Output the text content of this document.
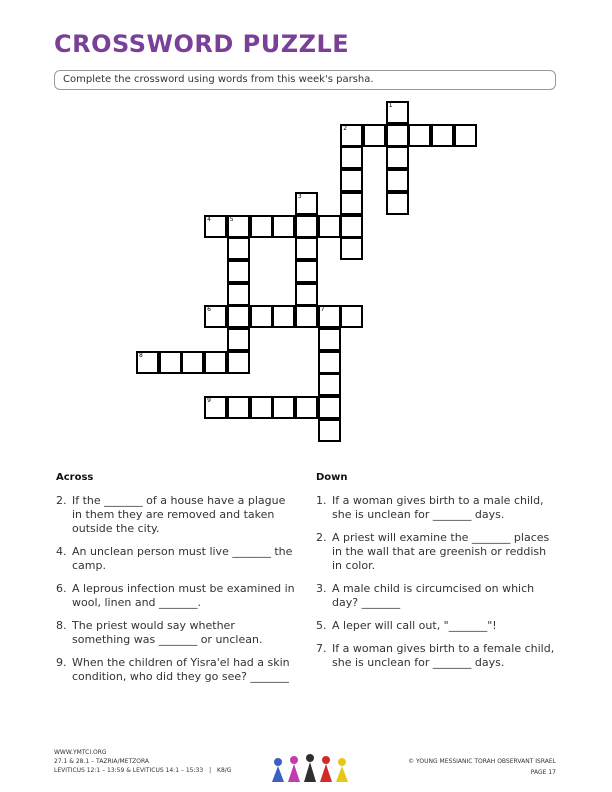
CROSSWORD PUZZLE
Complete the crossword using words from this week's parsha.
1
2
3
4	5
6	7
8
9
Across
2. If the _______ of a house have a plague in them they are removed and taken outside the city.
4. An unclean person must live _______ the camp.
6. A leprous infection must be examined in wool, linen and _______.
8. The priest would say whether something was _______ or unclean.
9. When the children of Yisra'el had a skin condition, who did they go see? _______
Down
1. If a woman gives birth to a male child, she is unclean for _______ days.
2. A priest will examine the _______ places in the wall that are greenish or reddish in color.
3. A male child is circumcised on which day? _______
5. A leper will call out, "_______"!
7. If a woman gives birth to a female child, she is unclean for _______ days.
WWW.YMTCI.ORG
27.1 & 28.1 – TAZRIA/METZORA
LEVITICUS 12:1 – 13:59 & LEVITICUS 14:1 – 15:33 | K8/G
© YOUNG MESSIANIC TORAH OBSERVANT ISRAEL
PAGE 17
